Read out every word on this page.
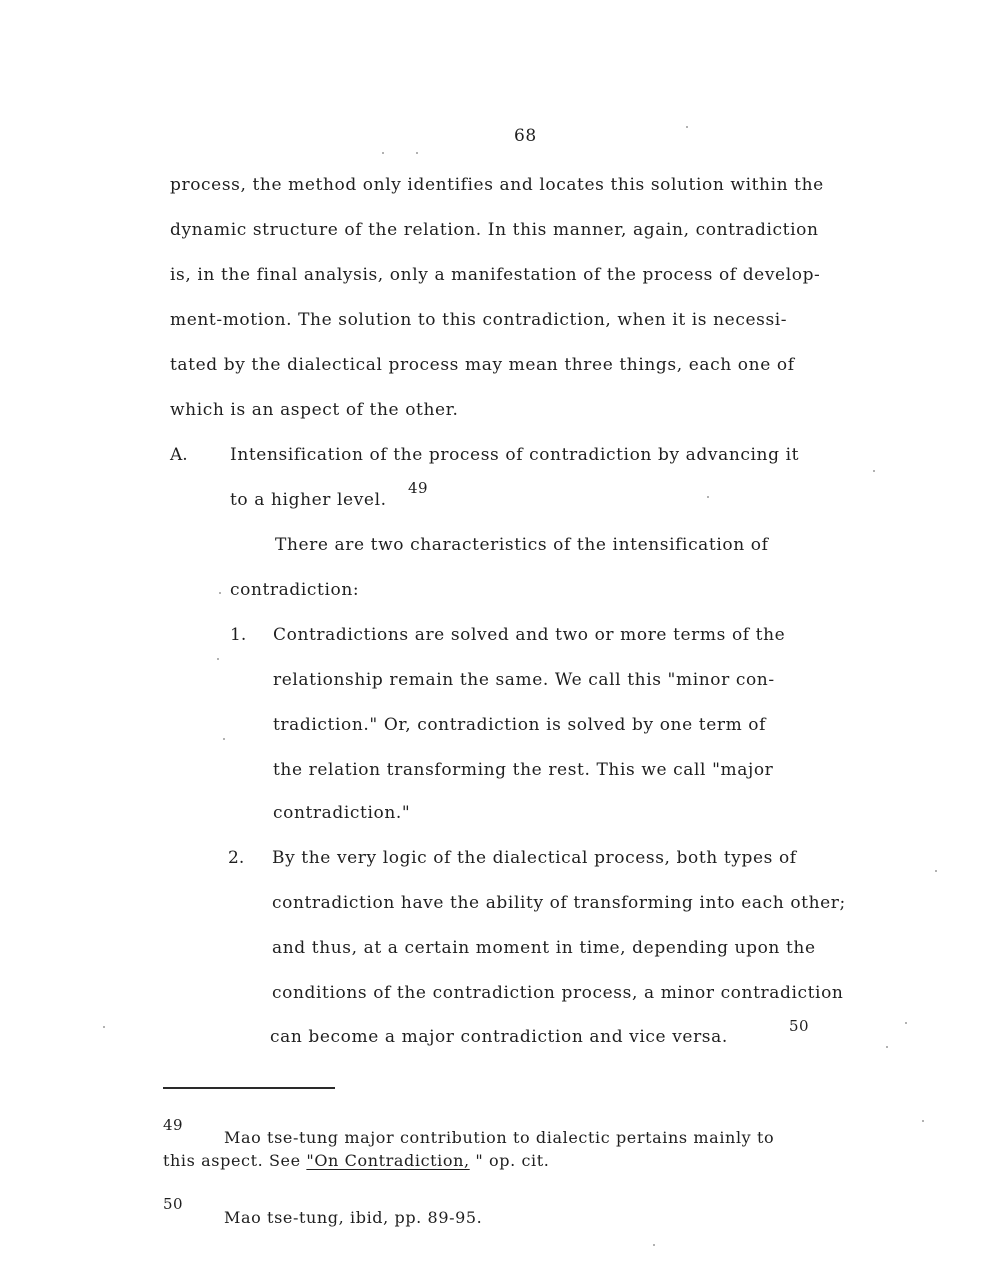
68
process, the method only identifies and locates this solution within the
dynamic structure of the relation. In this manner, again, contradiction
is, in the final analysis, only a manifestation of the process of develop-
ment-motion. The solution to this contradiction, when it is necessi-
tated by the dialectical process may mean three things, each one of
which is an aspect of the other.
A. Intensification of the process of contradiction by advancing it
to a higher level.
49
There are two characteristics of the intensification of
contradiction:
1. Contradictions are solved and two or more terms of the
relationship remain the same. We call this "minor con-
tradiction." Or, contradiction is solved by one term of
the relation transforming the rest. This we call "major
contradiction."
2. By the very logic of the dialectical process, both types of
contradiction have the ability of transforming into each other;
and thus, at a certain moment in time, depending upon the
conditions of the contradiction process, a minor contradiction
can become a major contradiction and vice versa.
50
49
Mao tse-tung major contribution to dialectic pertains mainly to
this aspect. See "On Contradiction, " op. cit.
50
Mao tse-tung, ibid, pp. 89-95.
